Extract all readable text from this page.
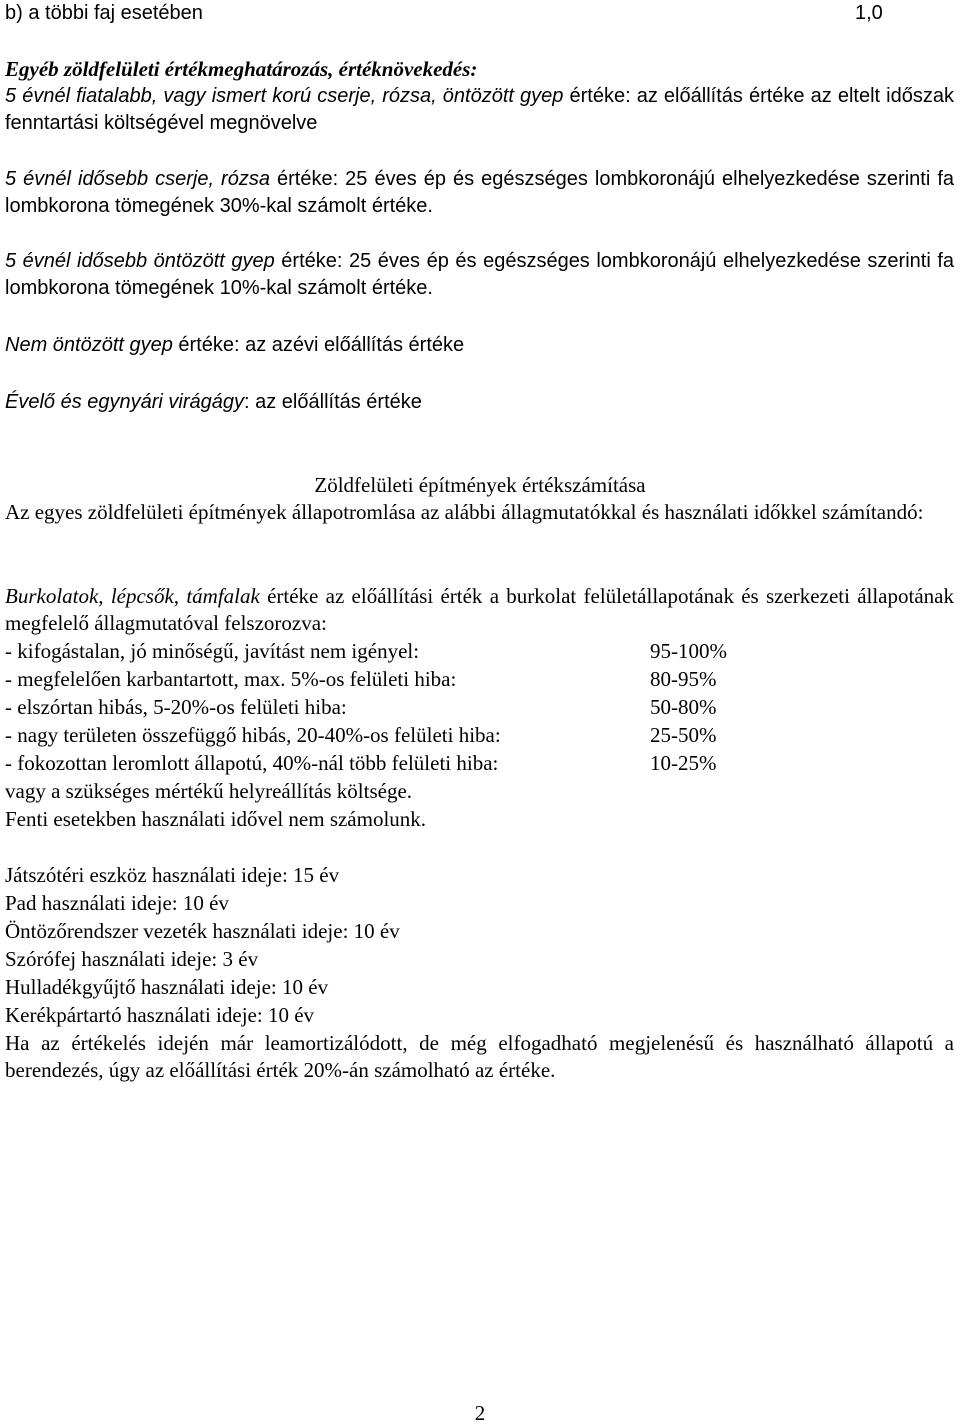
b) a többi faj esetében	1,0
Egyéb zöldfelületi értékmeghatározás, értéknövekedés:
5 évnél fiatalabb, vagy ismert korú cserje, rózsa, öntözött gyep értéke: az előállítás értéke az eltelt időszak fenntartási költségével megnövelve
5 évnél idősebb cserje, rózsa értéke: 25 éves ép és egészséges lombkoronájú elhelyezkedése szerinti fa lombkorona tömegének 30%-kal számolt értéke.
5 évnél idősebb öntözött gyep értéke: 25 éves ép és egészséges lombkoronájú elhelyezkedése szerinti fa lombkorona tömegének 10%-kal számolt értéke.
Nem öntözött gyep értéke: az azévi előállítás értéke
Évelő és egynyári virágágy: az előállítás értéke
Zöldfelületi építmények értékszámítása
Az egyes zöldfelületi építmények állapotromlása az alábbi állagmutatókkal és használati időkkel számítandó:
Burkolatok, lépcsők, támfalak értéke az előállítási érték a burkolat felületállapotának és szerkezeti állapotának megfelelő állagmutatóval felszorozva:
- kifogástalan, jó minőségű, javítást nem igényel:	95-100%
- megfelelően karbantartott, max. 5%-os felületi hiba:	80-95%
- elszórtan hibás, 5-20%-os felületi hiba:	50-80%
- nagy területen összefüggő hibás, 20-40%-os felületi hiba:	25-50%
- fokozottan leromlott állapotú, 40%-nál több felületi hiba:	10-25%
vagy a szükséges mértékű helyreállítás költsége.
Fenti esetekben használati idővel nem számolunk.
Játszótéri eszköz használati ideje: 15 év
Pad használati ideje: 10 év
Öntözőrendszer vezeték használati ideje: 10 év
Szórófej használati ideje: 3 év
Hulladékgyűjtő használati ideje: 10 év
Kerékpártartó használati ideje: 10 év
Ha az értékelés idején már leamortizálódott, de még elfogadható megjelenésű és használható állapotú a berendezés, úgy az előállítási érték 20%-án számolható az értéke.
2
